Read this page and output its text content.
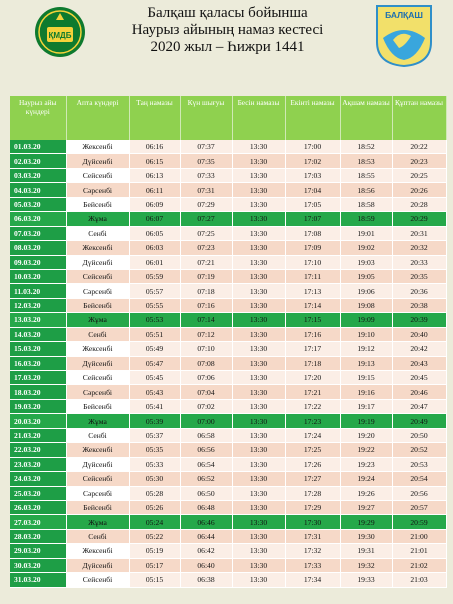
ҚМДБ
Балқаш қаласы бойынша
Наурыз айының намаз кестесі
2020 жыл – Һижри 1441
БАЛҚАШ
Наурыз айы күндері	Апта күндері	Таң намазы	Күн шығуы	Бесін намазы	Екінті намазы	Ақшам намазы	Құптан намазы
01.03.20	Жексенбі	06:16	07:37	13:30	17:00	18:52	20:22
02.03.20	Дүйсенбі	06:15	07:35	13:30	17:02	18:53	20:23
03.03.20	Сейсенбі	06:13	07:33	13:30	17:03	18:55	20:25
04.03.20	Сәрсенбі	06:11	07:31	13:30	17:04	18:56	20:26
05.03.20	Бейсенбі	06:09	07:29	13:30	17:05	18:58	20:28
06.03.20	Жұма	06:07	07:27	13:30	17:07	18:59	20:29
07.03.20	Сенбі	06:05	07:25	13:30	17:08	19:01	20:31
08.03.20	Жексенбі	06:03	07:23	13:30	17:09	19:02	20:32
09.03.20	Дүйсенбі	06:01	07:21	13:30	17:10	19:03	20:33
10.03.20	Сейсенбі	05:59	07:19	13:30	17:11	19:05	20:35
11.03.20	Сәрсенбі	05:57	07:18	13:30	17:13	19:06	20:36
12.03.20	Бейсенбі	05:55	07:16	13:30	17:14	19:08	20:38
13.03.20	Жұма	05:53	07:14	13:30	17:15	19:09	20:39
14.03.20	Сенбі	05:51	07:12	13:30	17:16	19:10	20:40
15.03.20	Жексенбі	05:49	07:10	13:30	17:17	19:12	20:42
16.03.20	Дүйсенбі	05:47	07:08	13:30	17:18	19:13	20:43
17.03.20	Сейсенбі	05:45	07:06	13:30	17:20	19:15	20:45
18.03.20	Сәрсенбі	05:43	07:04	13:30	17:21	19:16	20:46
19.03.20	Бейсенбі	05:41	07:02	13:30	17:22	19:17	20:47
20.03.20	Жұма	05:39	07:00	13:30	17:23	19:19	20:49
21.03.20	Сенбі	05:37	06:58	13:30	17:24	19:20	20:50
22.03.20	Жексенбі	05:35	06:56	13:30	17:25	19:22	20:52
23.03.20	Дүйсенбі	05:33	06:54	13:30	17:26	19:23	20:53
24.03.20	Сейсенбі	05:30	06:52	13:30	17:27	19:24	20:54
25.03.20	Сәрсенбі	05:28	06:50	13:30	17:28	19:26	20:56
26.03.20	Бейсенбі	05:26	06:48	13:30	17:29	19:27	20:57
27.03.20	Жұма	05:24	06:46	13:30	17:30	19:29	20:59
28.03.20	Сенбі	05:22	06:44	13:30	17:31	19:30	21:00
29.03.20	Жексенбі	05:19	06:42	13:30	17:32	19:31	21:01
30.03.20	Дүйсенбі	05:17	06:40	13:30	17:33	19:32	21:02
31.03.20	Сейсенбі	05:15	06:38	13:30	17:34	19:33	21:03
